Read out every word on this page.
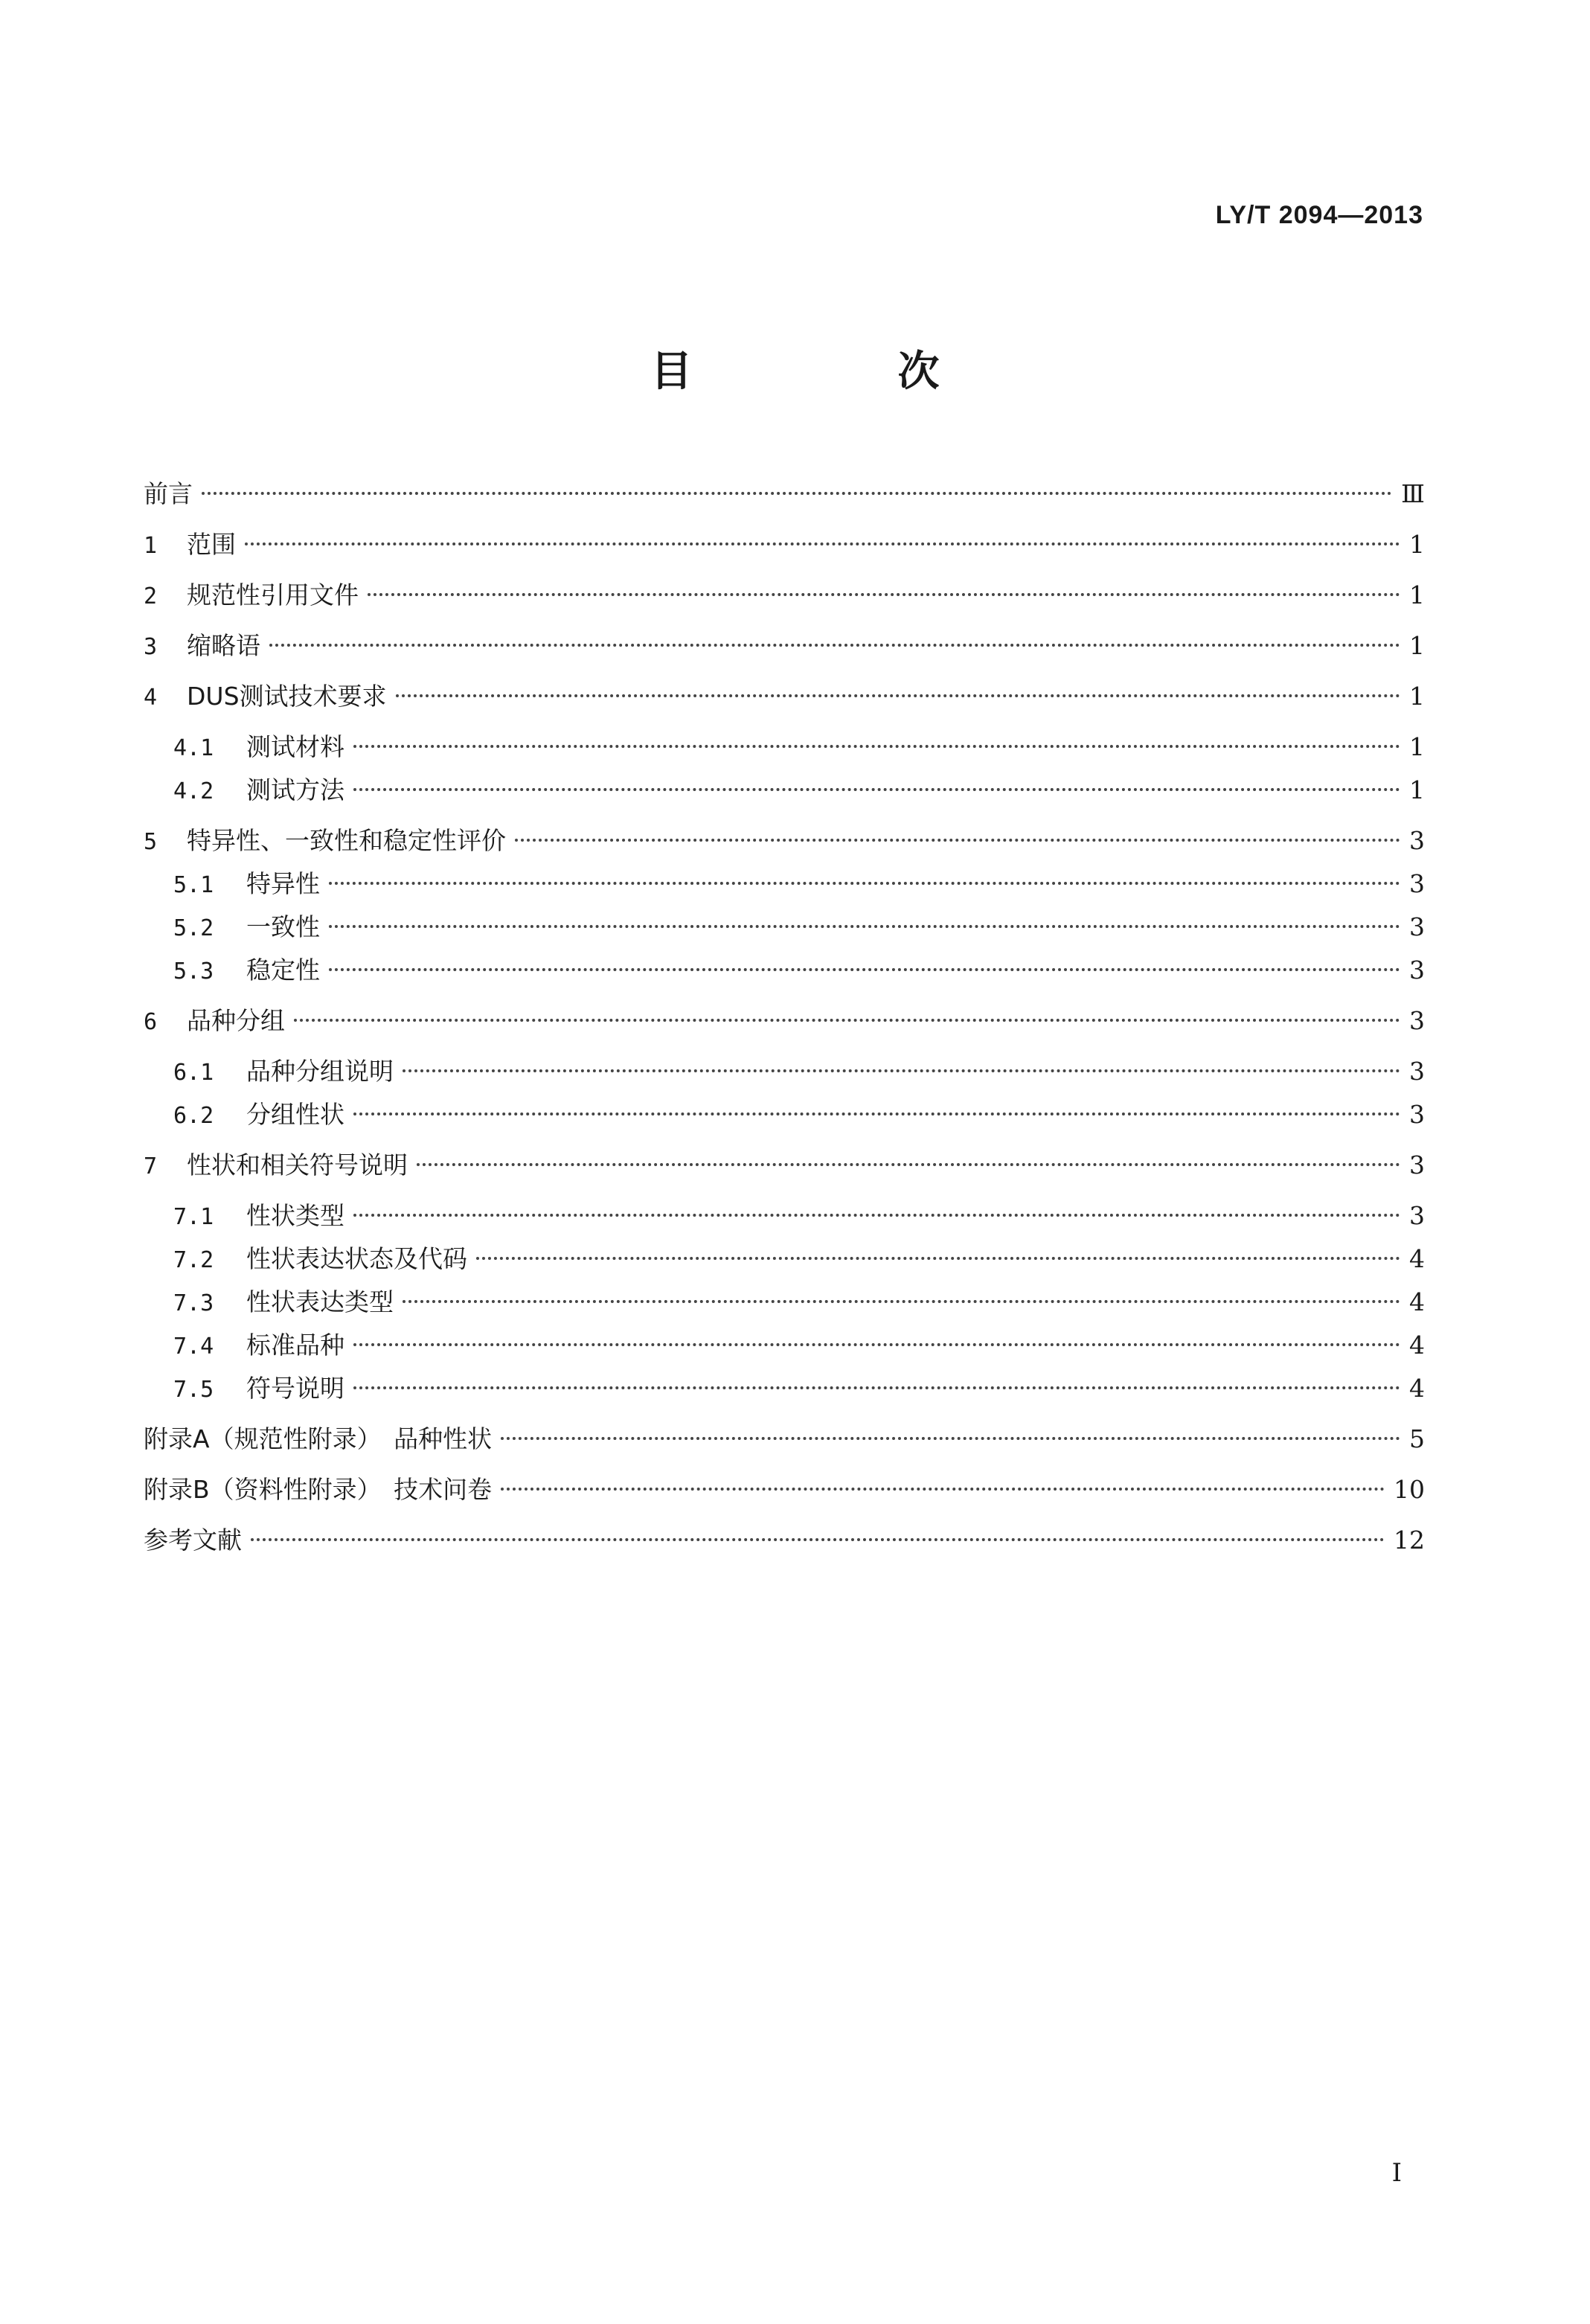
LY/T 2094—2013
目　次
前言	Ⅲ
1	范围	1
2	规范性引用文件	1
3	缩略语	1
4	DUS测试技术要求	1
4.1	测试材料	1
4.2	测试方法	1
5	特异性、一致性和稳定性评价	3
5.1	特异性	3
5.2	一致性	3
5.3	稳定性	3
6	品种分组	3
6.1	品种分组说明	3
6.2	分组性状	3
7	性状和相关符号说明	3
7.1	性状类型	3
7.2	性状表达状态及代码	4
7.3	性状表达类型	4
7.4	标准品种	4
7.5	符号说明	4
附录A（规范性附录）　品种性状	5
附录B（资料性附录）　技术问卷	10
参考文献	12
I
